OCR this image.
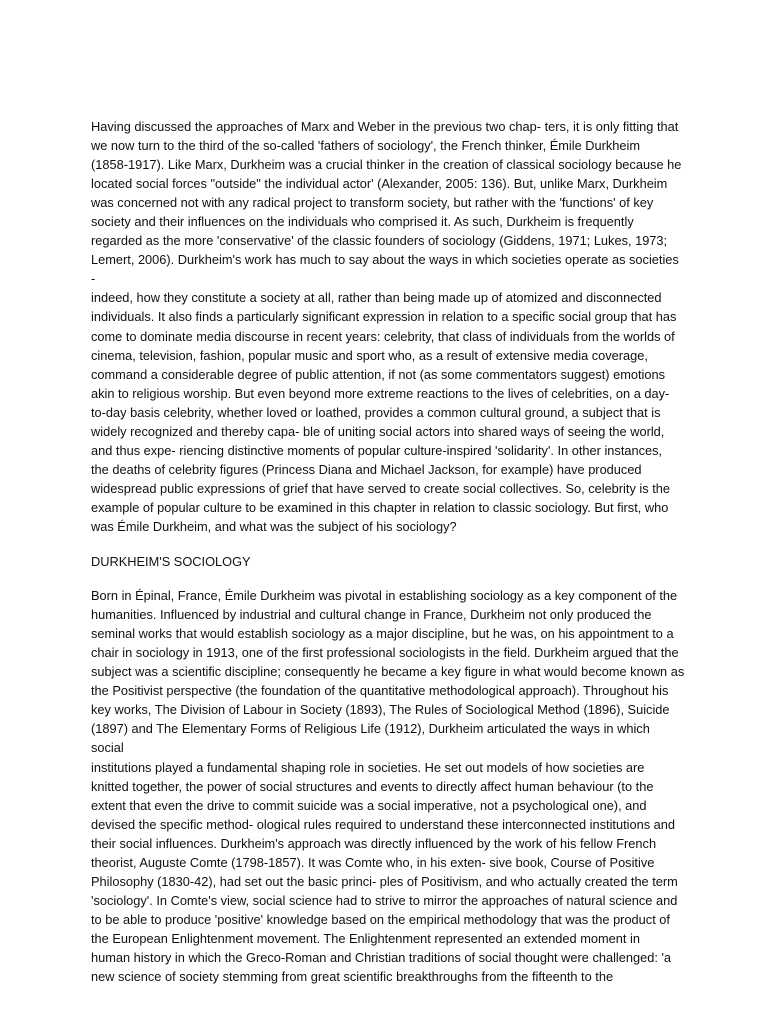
Having discussed the approaches of Marx and Weber in the previous two chap- ters, it is only fitting that
we now turn to the third of the so-called 'fathers of sociology', the French thinker, Émile Durkheim
(1858-1917). Like Marx, Durkheim was a crucial thinker in the creation of classical sociology because he
located social forces "outside" the individual actor' (Alexander, 2005: 136). But, unlike Marx, Durkheim
was concerned not with any radical project to transform society, but rather with the 'functions' of key
society and their influences on the individuals who comprised it. As such, Durkheim is frequently
regarded as the more 'conservative' of the classic founders of sociology (Giddens, 1971; Lukes, 1973;
Lemert, 2006). Durkheim's work has much to say about the ways in which societies operate as societies -
indeed, how they constitute a society at all, rather than being made up of atomized and disconnected
individuals. It also finds a particularly significant expression in relation to a specific social group that has
come to dominate media discourse in recent years: celebrity, that class of individuals from the worlds of
cinema, television, fashion, popular music and sport who, as a result of extensive media coverage,
command a considerable degree of public attention, if not (as some commentators suggest) emotions
akin to religious worship. But even beyond more extreme reactions to the lives of celebrities, on a day-
to-day basis celebrity, whether loved or loathed, provides a common cultural ground, a subject that is
widely recognized and thereby capa- ble of uniting social actors into shared ways of seeing the world,
and thus expe- riencing distinctive moments of popular culture-inspired 'solidarity'. In other instances,
the deaths of celebrity figures (Princess Diana and Michael Jackson, for example) have produced
widespread public expressions of grief that have served to create social collectives. So, celebrity is the
example of popular culture to be examined in this chapter in relation to classic sociology. But first, who
was Émile Durkheim, and what was the subject of his sociology?

DURKHEIM'S SOCIOLOGY

Born in Épinal, France, Émile Durkheim was pivotal in establishing sociology as a key component of the
humanities. Influenced by industrial and cultural change in France, Durkheim not only produced the
seminal works that would establish sociology as a major discipline, but he was, on his appointment to a
chair in sociology in 1913, one of the first professional sociologists in the field. Durkheim argued that the
subject was a scientific discipline; consequently he became a key figure in what would become known as
the Positivist perspective (the foundation of the quantitative methodological approach). Throughout his
key works, The Division of Labour in Society (1893), The Rules of Sociological Method (1896), Suicide
(1897) and The Elementary Forms of Religious Life (1912), Durkheim articulated the ways in which social
institutions played a fundamental shaping role in societies. He set out models of how societies are
knitted together, the power of social structures and events to directly affect human behaviour (to the
extent that even the drive to commit suicide was a social imperative, not a psychological one), and
devised the specific method- ological rules required to understand these interconnected institutions and
their social influences. Durkheim's approach was directly influenced by the work of his fellow French
theorist, Auguste Comte (1798-1857). It was Comte who, in his exten- sive book, Course of Positive
Philosophy (1830-42), had set out the basic princi- ples of Positivism, and who actually created the term
'sociology'. In Comte's view, social science had to strive to mirror the approaches of natural science and
to be able to produce 'positive' knowledge based on the empirical methodology that was the product of
the European Enlightenment movement. The Enlightenment represented an extended moment in
human history in which the Greco-Roman and Christian traditions of social thought were challenged: 'a
new science of society stemming from great scientific breakthroughs from the fifteenth to the
